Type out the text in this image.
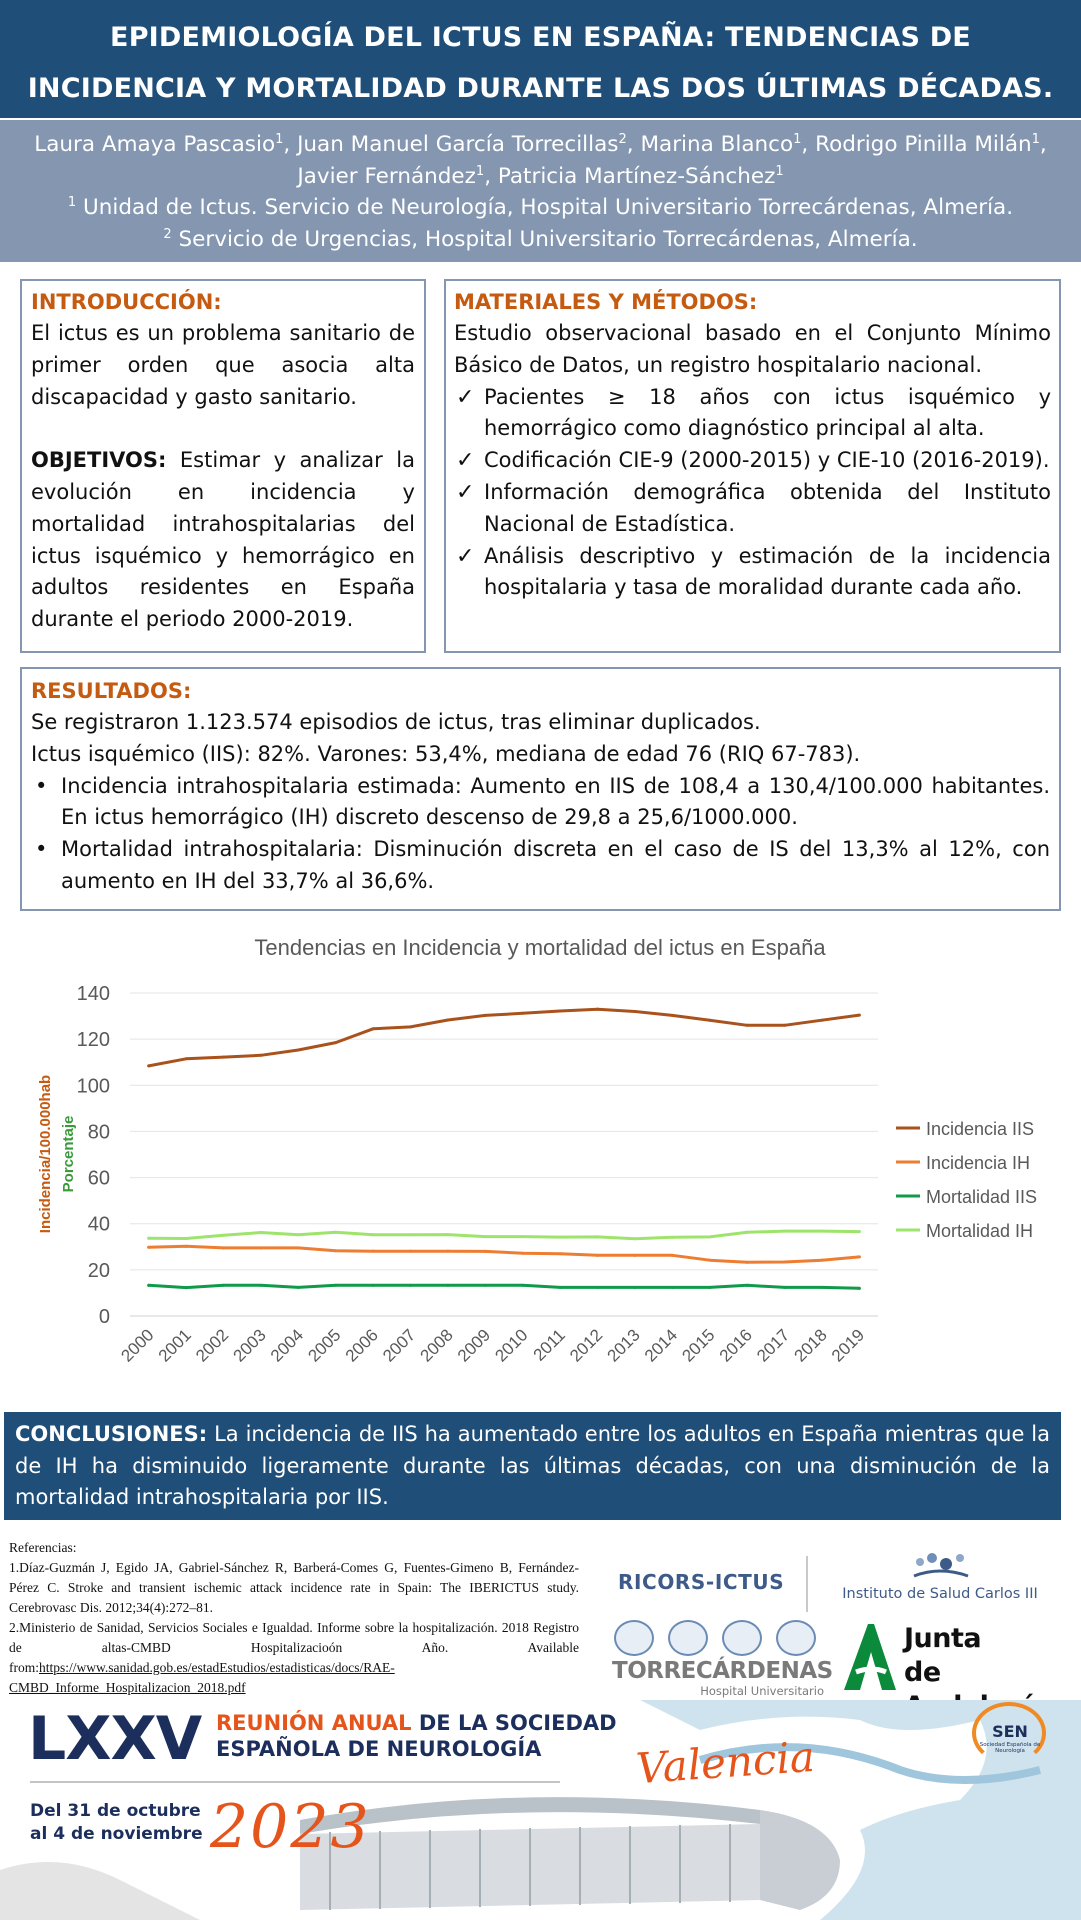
EPIDEMIOLOGÍA DEL ICTUS EN ESPAÑA: TENDENCIAS DE
INCIDENCIA Y MORTALIDAD DURANTE LAS DOS ÚLTIMAS DÉCADAS.
Laura Amaya Pascasio$^1$, Juan Manuel García Torrecillas$^2$, Marina Blanco$^1$, Rodrigo Pinilla Milán$^1$,
Javier Fernández$^1$, Patricia Martínez-Sánchez$^1$
$^1$ Unidad de Ictus. Servicio de Neurología, Hospital Universitario Torrecárdenas, Almería.
$^2$ Servicio de Urgencias, Hospital Universitario Torrecárdenas, Almería.
INTRODUCCIÓN:
El ictus es un problema sanitario de
primer orden que asocia alta
discapacidad y gasto sanitario.
OBJETIVOS: Estimar y analizar la evolución en incidencia y mortalidad intrahospitalarias del ictus isquémico y hemorrágico en adultos residentes en España durante el periodo 2000-2019.
MATERIALES Y MÉTODOS:
Estudio observacional basado en el Conjunto Mínimo Básico de Datos, un registro hospitalario nacional.
✓ Pacientes ≥ 18 años con ictus isquémico y hemorrágico como diagnóstico principal al alta.
✓ Codificación CIE-9 (2000-2015) y CIE-10 (2016-2019).
✓ Información demográfica obtenida del Instituto Nacional de Estadística.
✓ Análisis descriptivo y estimación de la incidencia hospitalaria y tasa de moralidad durante cada año.
RESULTADOS:
Se registraron 1.123.574 episodios de ictus, tras eliminar duplicados.
Ictus isquémico (IIS): 82%. Varones: 53,4%, mediana de edad 76 (RIQ 67-783).
• Incidencia intrahospitalaria estimada: Aumento en IIS de 108,4 a 130,4/100.000 habitantes. En ictus hemorrágico (IH) discreto descenso de 29,8 a 25,6/1000.000.
• Mortalidad intrahospitalaria: Disminución discreta en el caso de IS del 13,3% al 12%, con aumento en IH del 33,7% al 36,6%.
Tendencias en Incidencia y mortalidad del ictus en España
Incidencia/100.000hab Porcentaje
0
20
40
60
80
100
120
140
2000
2001
2002
2003
2004
2005
2006
2007
2008
2009
2010
2011
2012
2013
2014
2015
2016
2017
2018
2019
Incidencia IIS
Incidencia IH
Mortalidad IIS
Mortalidad IH
CONCLUSIONES: La incidencia de IIS ha aumentado entre los adultos en España mientras que la de IH ha disminuido ligeramente durante las últimas décadas, con una disminución de la mortalidad intrahospitalaria por IIS.
Referencias:
1.Díaz-Guzmán J, Egido JA, Gabriel-Sánchez R, Barberá-Comes G, Fuentes-Gimeno B, Fernández-Pérez C. Stroke and transient ischemic attack incidence rate in Spain: The IBERICTUS study. Cerebrovasc Dis. 2012;34(4):272–81.
2.Ministerio de Sanidad, Servicios Sociales e Igualdad. Informe sobre la hospitalización. 2018 Registro de altas-CMBD Hospitalizacioón Año. Available from:https://www.sanidad.gob.es/estadEstudios/estadisticas/docs/RAE-CMBD_Informe_Hospitalizacion_2018.pdf
RICORS-ICTUS	Instituto de Salud Carlos III
TORRECÁRDENAS
Hospital Universitario
Junta
de
LXXV REUNIÓN ANUAL DE LA SOCIEDAD
ESPAÑOLA DE NEUROLOGÍA	Valencia
Del 31 de octubre
al 4 de noviembre 2023
SEN
Sociedad Española de Neurología
